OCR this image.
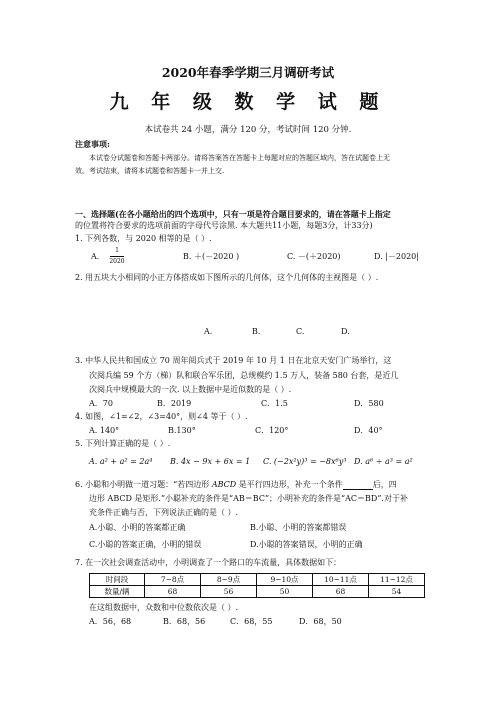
2020年春季学期三月调研考试
九 年 级 数 学 试 题
本试卷共 24 小题，满分 120 分，考试时间 120 分钟.
注意事项:
本试卷分试题卷和答题卡两部分。请将答案答在答题卡上每题对应的答题区域内，答在试题卷上无
效。考试结束，请将本试题卷和答题卡一并上交.
一、选择题(在各小题给出的四个选项中，只有一项是符合题目要求的，请在答题卡上指定
的位置将符合要求的选项前面的字母代号涂黑. 本大题共11小题，每题3分，计33分)
1. 下列各数，与 2020 相等的是（ ）.
A.
1
2020
B. ＋(－2020 )	C. －(＋2020)	D. |－2020|
2. 用五块大小相同的小正方体搭成如下图所示的几何体，这个几何体的主视图是（ ）.
A.	B.	C.	D.
3. 中华人民共和国成立 70 周年阅兵式于 2019 年 10 月 1 日在北京天安门广场举行，这
次阅兵编 59 个方（梯）队和联合军乐团，总规模约 1.5 万人，装备 580 台套，是近几
次阅兵中规模最大的一次. 以上数据中是近似数的是（ ）.
A．70	B．2019	C．1.5	D．580
4. 如图，∠1=∠2，∠3=40°，则∠4 等于（ ）.
A. 140°	B.130°	C．120°	D．40°
5. 下列计算正确的是（ ）.
A. a² + a² = 2a⁴ B. 4x − 9x + 6x = 1 C. (−2x²y)³ = −8x⁶y³ D. a⁶ ÷ a³ = a²
6. 小聪和小明做一道习题：“若四边形 ABCD 是平行四边形，补充一个条件	后，四
边形 ABCD 是矩形.”小聪补充的条件是“AB＝BC”；小明补充的条件是“AC＝BD”.对于补
充条件正确与否，下列说法正确的是（ ）.
A.小聪、小明的答案都正确	B.小聪、小明的答案都错误
C.小聪的答案正确，小明的错误	D.小聪的答案错误，小明的正确
7. 在一次社会调查活动中，小明调查了一个路口的车流量，具体数据如下：
时间段	7~8点	8~9点	9~10点	10~11点	11~12点
数量/辆	68	56	50	68	54
在这组数据中，众数和中位数依次是（ ）.
A．56，68	B．68，56	C．68，55	D．68，50
